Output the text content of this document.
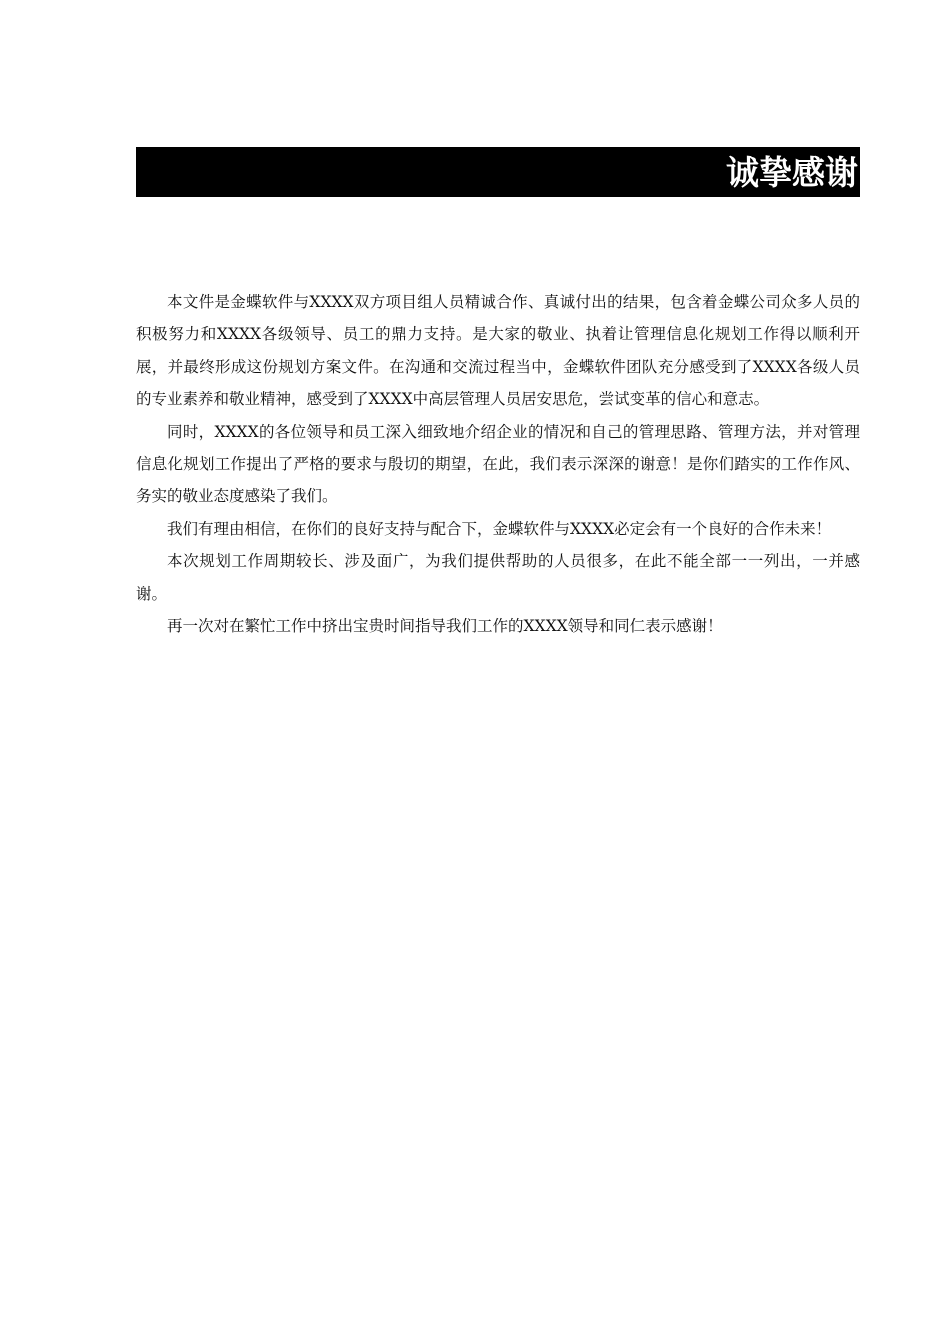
诚挚感谢

本文件是金蝶软件与XXXX双方项目组人员精诚合作、真诚付出的结果，包含着金蝶公司众多人员的积极努力和XXXX各级领导、员工的鼎力支持。是大家的敬业、执着让管理信息化规划工作得以顺利开展，并最终形成这份规划方案文件。在沟通和交流过程当中，金蝶软件团队充分感受到了XXXX各级人员的专业素养和敬业精神，感受到了XXXX中高层管理人员居安思危，尝试变革的信心和意志。

同时，XXXX的各位领导和员工深入细致地介绍企业的情况和自己的管理思路、管理方法，并对管理信息化规划工作提出了严格的要求与殷切的期望，在此，我们表示深深的谢意！是你们踏实的工作作风、务实的敬业态度感染了我们。

我们有理由相信，在你们的良好支持与配合下，金蝶软件与XXXX必定会有一个良好的合作未来！

本次规划工作周期较长、涉及面广，为我们提供帮助的人员很多，在此不能全部一一列出，一并感谢。

再一次对在繁忙工作中挤出宝贵时间指导我们工作的XXXX领导和同仁表示感谢！
